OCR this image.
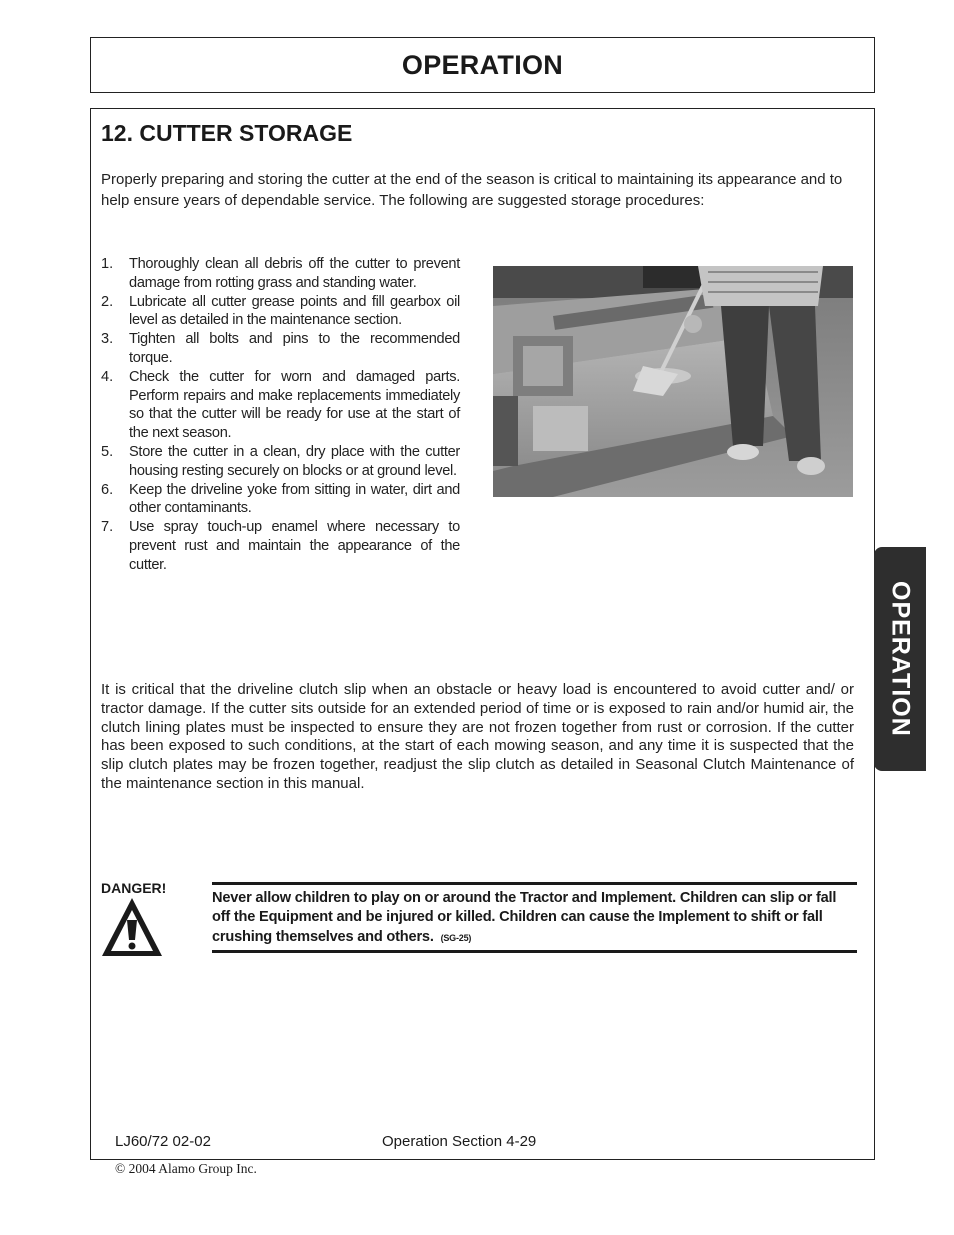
OPERATION
12. CUTTER STORAGE

Properly preparing and storing the cutter at the end of the season is critical to maintaining its appearance and to help ensure years of dependable service. The following are suggested storage procedures:

1.	Thoroughly clean all debris off the cutter to prevent damage from rotting grass and standing water.
2.	Lubricate all cutter grease points and fill gearbox oil level as detailed in the maintenance section.
3.	Tighten all bolts and pins to the recommended torque.
4.	Check the cutter for worn and damaged parts. Perform repairs and make replacements immediately so that the cutter will be ready for use at the start of the next season.
5.	Store the cutter in a clean, dry place with the cutter housing resting securely on blocks or at ground level.
6.	Keep the driveline yoke from sitting in water, dirt and other contaminants.
7.	Use spray touch-up enamel where necessary to prevent rust and maintain the appearance of the cutter.

It is critical that the driveline clutch slip when an obstacle or heavy load is encountered to avoid cutter and/ or tractor damage. If the cutter sits outside for an extended period of time or is exposed to rain and/or humid air, the clutch lining plates must be inspected to ensure they are not frozen together from rust or corrosion. If the cutter has been exposed to such conditions, at the start of each mowing season, and any time it is suspected that the slip clutch plates may be frozen together, readjust the slip clutch as detailed in Seasonal Clutch Maintenance of the maintenance section in this manual.

DANGER!
Never allow children to play on or around the Tractor and Implement. Children can slip or fall off the Equipment and be injured or killed. Children can cause the Implement to shift or fall crushing themselves and others. (SG-25)
LJ60/72 02-02	Operation Section 4-29
© 2004 Alamo Group Inc.
OPERATION
